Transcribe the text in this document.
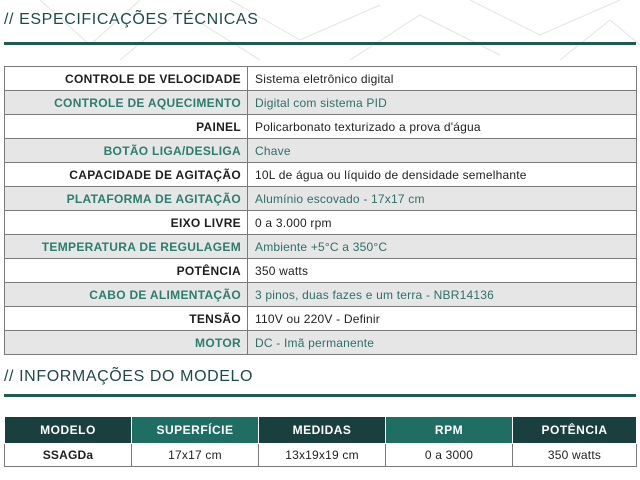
// ESPECIFICAÇÕES TÉCNICAS
CONTROLE DE VELOCIDADE	Sistema eletrônico digital
CONTROLE DE AQUECIMENTO	Digital com sistema PID
PAINEL	Policarbonato texturizado a prova d'água
BOTÃO LIGA/DESLIGA	Chave
CAPACIDADE DE AGITAÇÃO	10L de água ou líquido de densidade semelhante
PLATAFORMA DE AGITAÇÃO	Alumínio escovado - 17x17 cm
EIXO LIVRE	0 a 3.000 rpm
TEMPERATURA DE REGULAGEM	Ambiente +5°C a 350°C
POTÊNCIA	350 watts
CABO DE ALIMENTAÇÃO	3 pinos, duas fazes e um terra - NBR14136
TENSÃO	110V ou 220V - Definir
MOTOR	DC - Imã permanente
// INFORMAÇÕES DO MODELO
MODELO	SUPERFÍCIE	MEDIDAS	RPM	POTÊNCIA
SSAGDa	17x17 cm	13x19x19 cm	0 a 3000	350 watts
